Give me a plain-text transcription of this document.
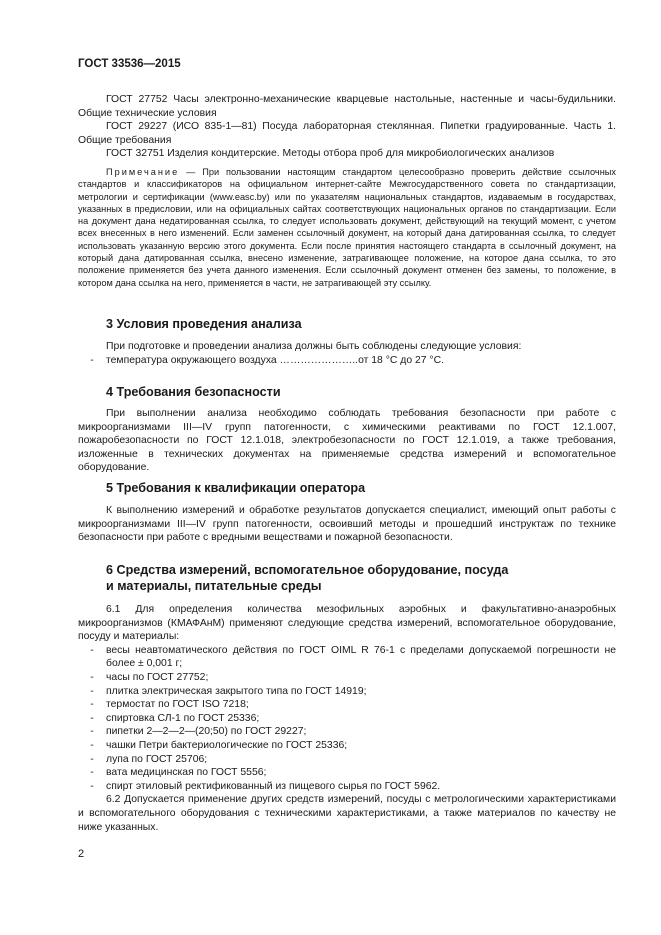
ГОСТ 33536—2015

ГОСТ 27752 Часы электронно-механические кварцевые настольные, настенные и часы-будильники. Общие технические условия

ГОСТ 29227 (ИСО 835-1—81) Посуда лабораторная стеклянная. Пипетки градуированные. Часть 1. Общие требования

ГОСТ 32751 Изделия кондитерские. Методы отбора проб для микробиологических анализов

Примечание — При пользовании настоящим стандартом целесообразно проверить действие ссылочных стандартов и классификаторов на официальном интернет-сайте Межгосударственного совета по стандартизации, метрологии и сертификации (www.easc.by) или по указателям национальных стандартов, издаваемым в государствах, указанных в предисловии, или на официальных сайтах соответствующих национальных органов по стандартизации. Если на документ дана недатированная ссылка, то следует использовать документ, действующий на текущий момент, с учетом всех внесенных в него изменений. Если заменен ссылочный документ, на который дана датированная ссылка, то следует использовать указанную версию этого документа. Если после принятия настоящего стандарта в ссылочный документ, на который дана датированная ссылка, внесено изменение, затрагивающее положение, на которое дана ссылка, то это положение применяется без учета данного изменения. Если ссылочный документ отменен без замены, то положение, в котором дана ссылка на него, применяется в части, не затрагивающей эту ссылку.
3 Условия проведения анализа

При подготовке и проведении анализа должны быть соблюдены следующие условия:

-	температура окружающего воздуха …………………..от 18 °С до 27 °С.
4 Требования безопасности
При выполнении анализа необходимо соблюдать требования безопасности при работе с микроорганизмами III—IV групп патогенности, с химическими реактивами по ГОСТ 12.1.007, пожаробезопасности по ГОСТ 12.1.018, электробезопасности по ГОСТ 12.1.019, а также требования, изложенные в технических документах на применяемые средства измерений и вспомогательное оборудование.
5 Требования к квалификации оператора
К выполнению измерений и обработке результатов допускается специалист, имеющий опыт работы с микроорганизмами III—IV групп патогенности, освоивший методы и прошедший инструктаж по технике безопасности при работе с вредными веществами и пожарной безопасности.
6 Средства измерений, вспомогательное оборудование, посуда
и материалы, питательные среды

6.1 Для определения количества мезофильных аэробных и факультативно-анаэробных микроорганизмов (КМАФАнМ) применяют следующие средства измерений, вспомогательное оборудование, посуду и материалы:

-	весы неавтоматического действия по ГОСТ OIML R 76-1 с пределами допускаемой погрешности не более ± 0,001 г;
-	часы по ГОСТ 27752;
-	плитка электрическая закрытого типа по ГОСТ 14919;
-	термостат по ГОСТ ISO 7218;
-	спиртовка СЛ-1 по ГОСТ 25336;
-	пипетки 2—2—2—(20;50) по ГОСТ 29227;
-	чашки Петри бактериологические по ГОСТ 25336;
-	лупа по ГОСТ 25706;
-	вата медицинская по ГОСТ 5556;
-	спирт этиловый ректификованный из пищевого сырья по ГОСТ 5962.

6.2 Допускается применение других средств измерений, посуды с метрологическими характеристиками и вспомогательного оборудования с техническими характеристиками, а также материалов по качеству не ниже указанных.

2
